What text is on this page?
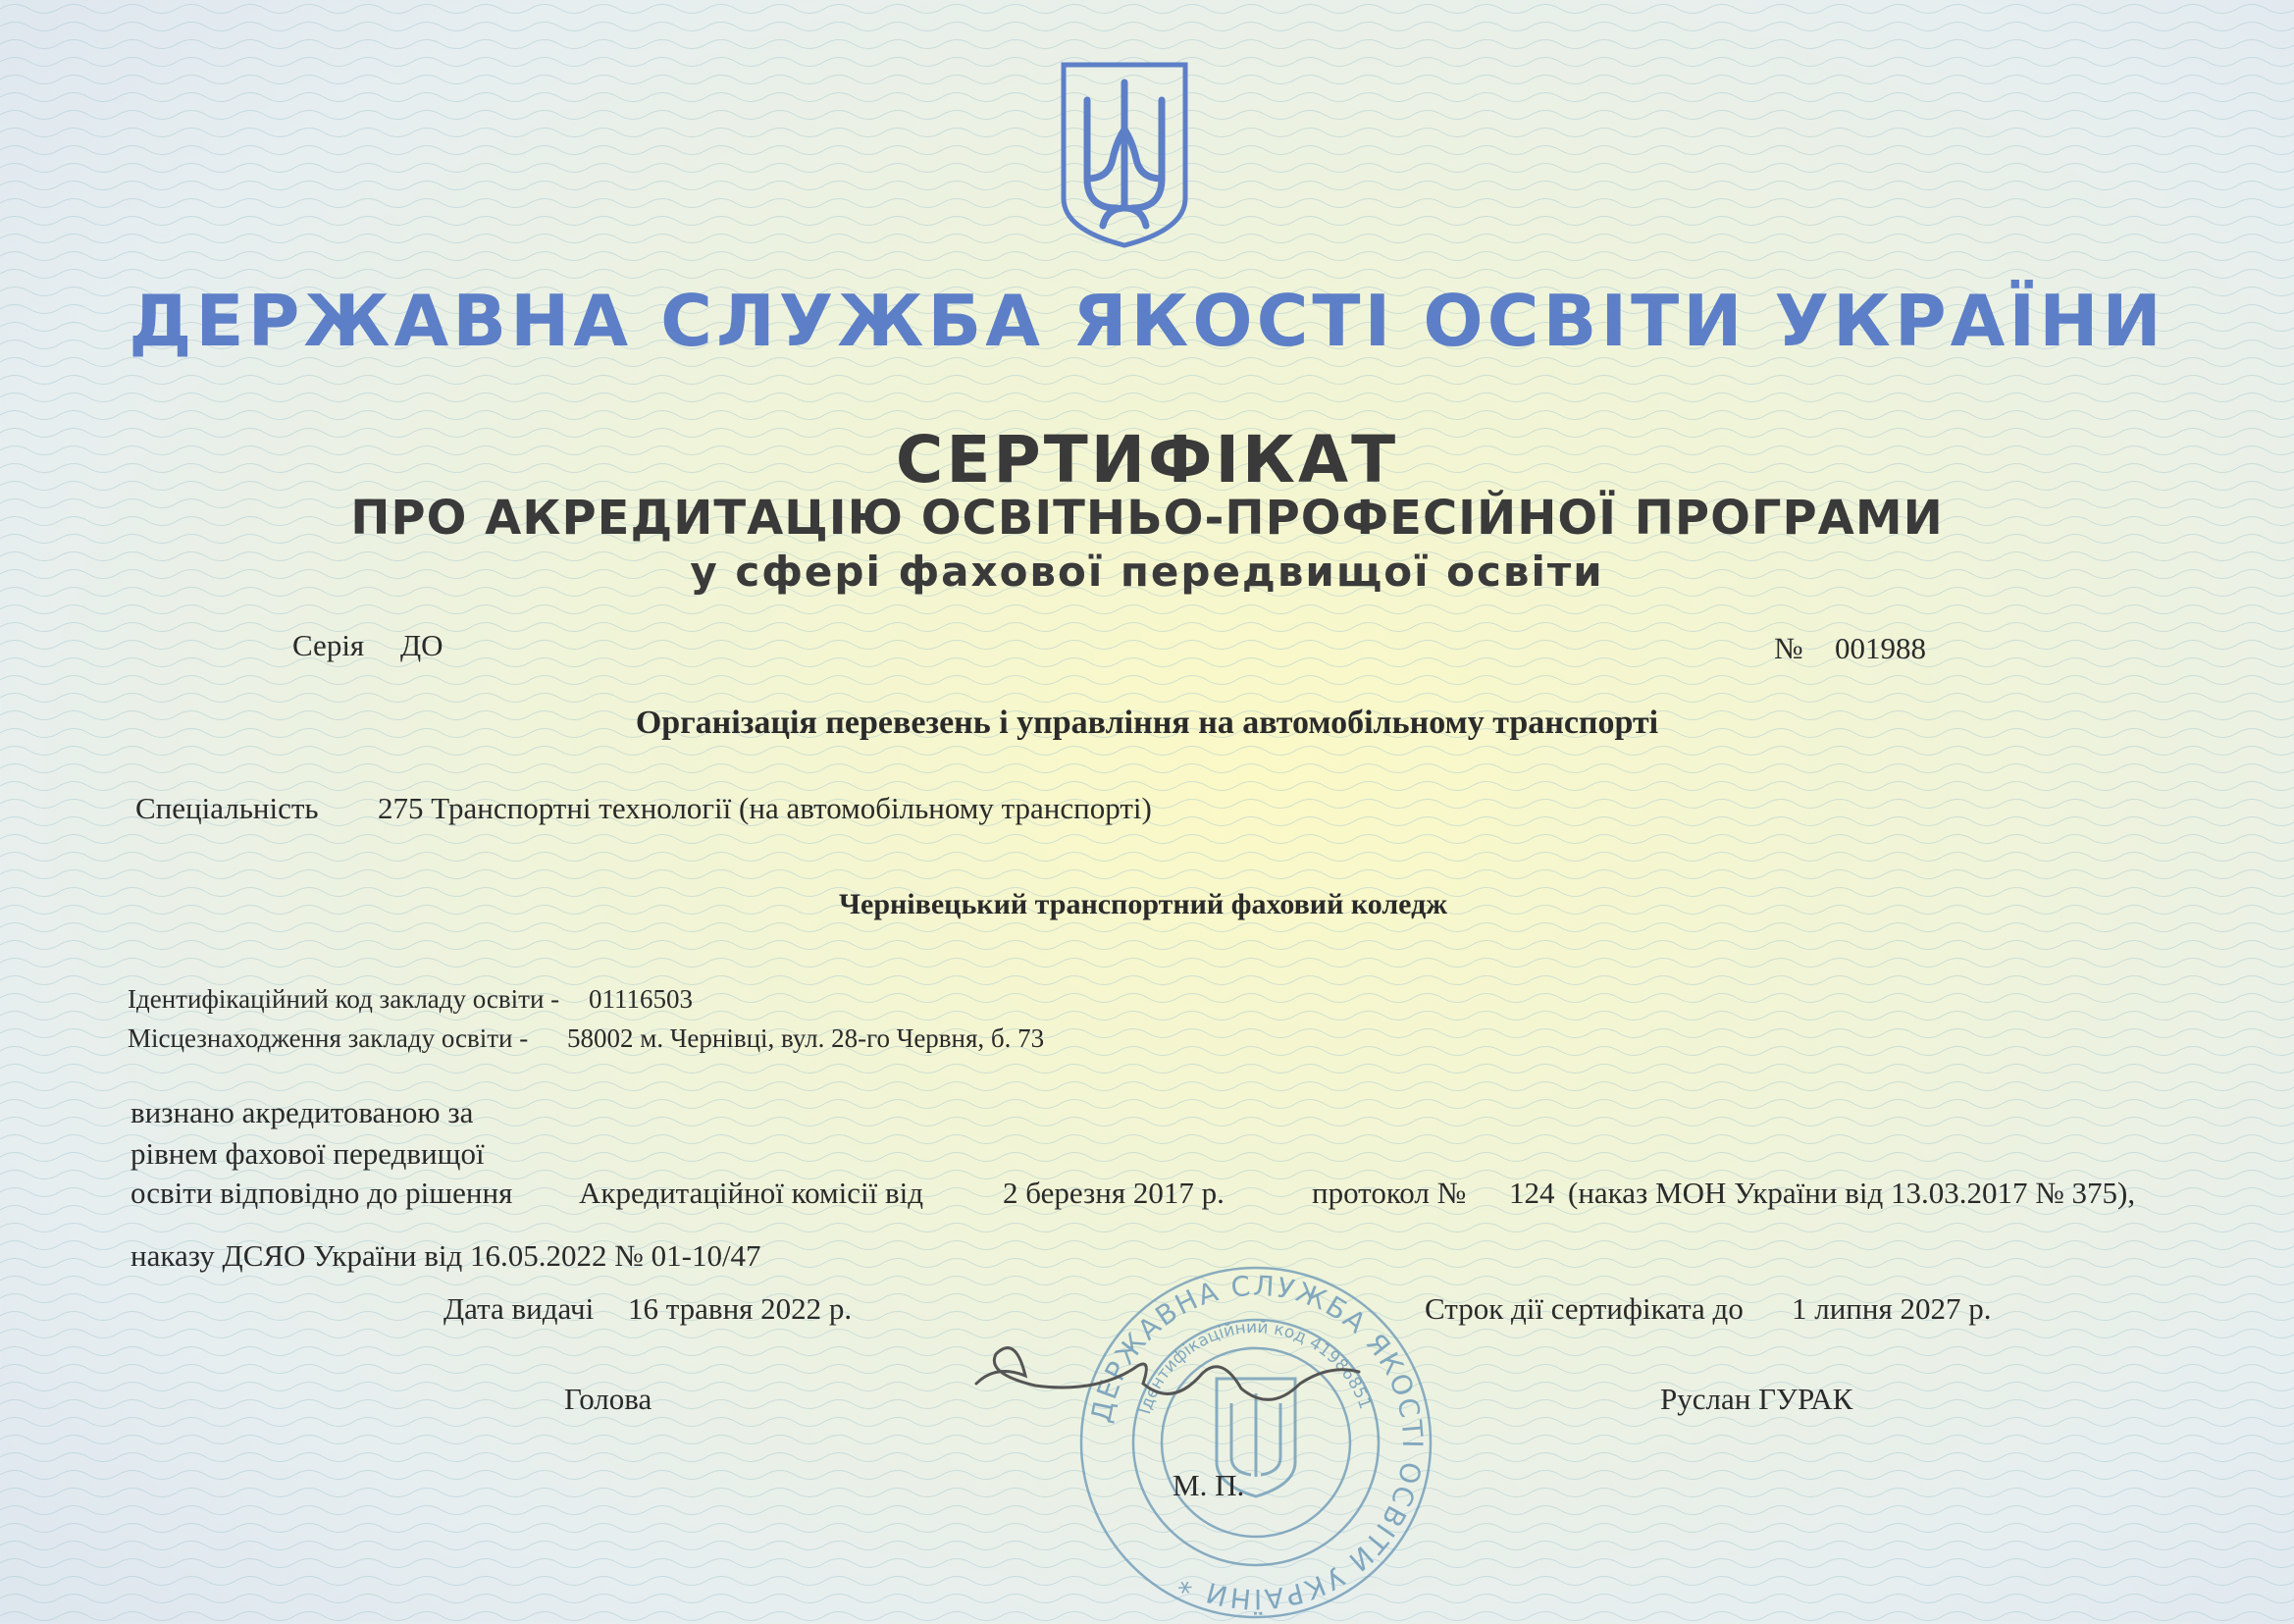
ДЕРЖАВНА СЛУЖБА ЯКОСТІ ОСВІТИ УКРАЇНИ
СЕРТИФІКАТ
ПРО АКРЕДИТАЦІЮ ОСВІТНЬО-ПРОФЕСІЙНОЇ ПРОГРАМИ
у сфері фахової передвищої освіти
Серія ДО	№ 001988
Організація перевезень і управління на автомобільному транспорті
Спеціальність 275 Транспортні технології (на автомобільному транспорті)
Чернівецький транспортний фаховий коледж
Ідентифікаційний код закладу освіти - 01116503
Місцезнаходження закладу освіти - 58002 м. Чернівці, вул. 28-го Червня, б. 73
визнано акредитованою за
рівнем фахової передвищої
освіти відповідно до рішення Акредитаційної комісії від	2 березня 2017 р.	протокол № 124 (наказ МОН України від 13.03.2017 № 375),
наказу ДСЯО України від 16.05.2022 № 01-10/47
Дата видачі 16 травня 2022 р.	Строк дії сертифіката до 1 липня 2027 р.
Голова	Руслан ГУРАК
ДЕРЖАВНА СЛУЖБА ЯКОСТІ ОСВІТИ УКРАЇНИ *
Ідентифікаційний код 41986851
М. П.
